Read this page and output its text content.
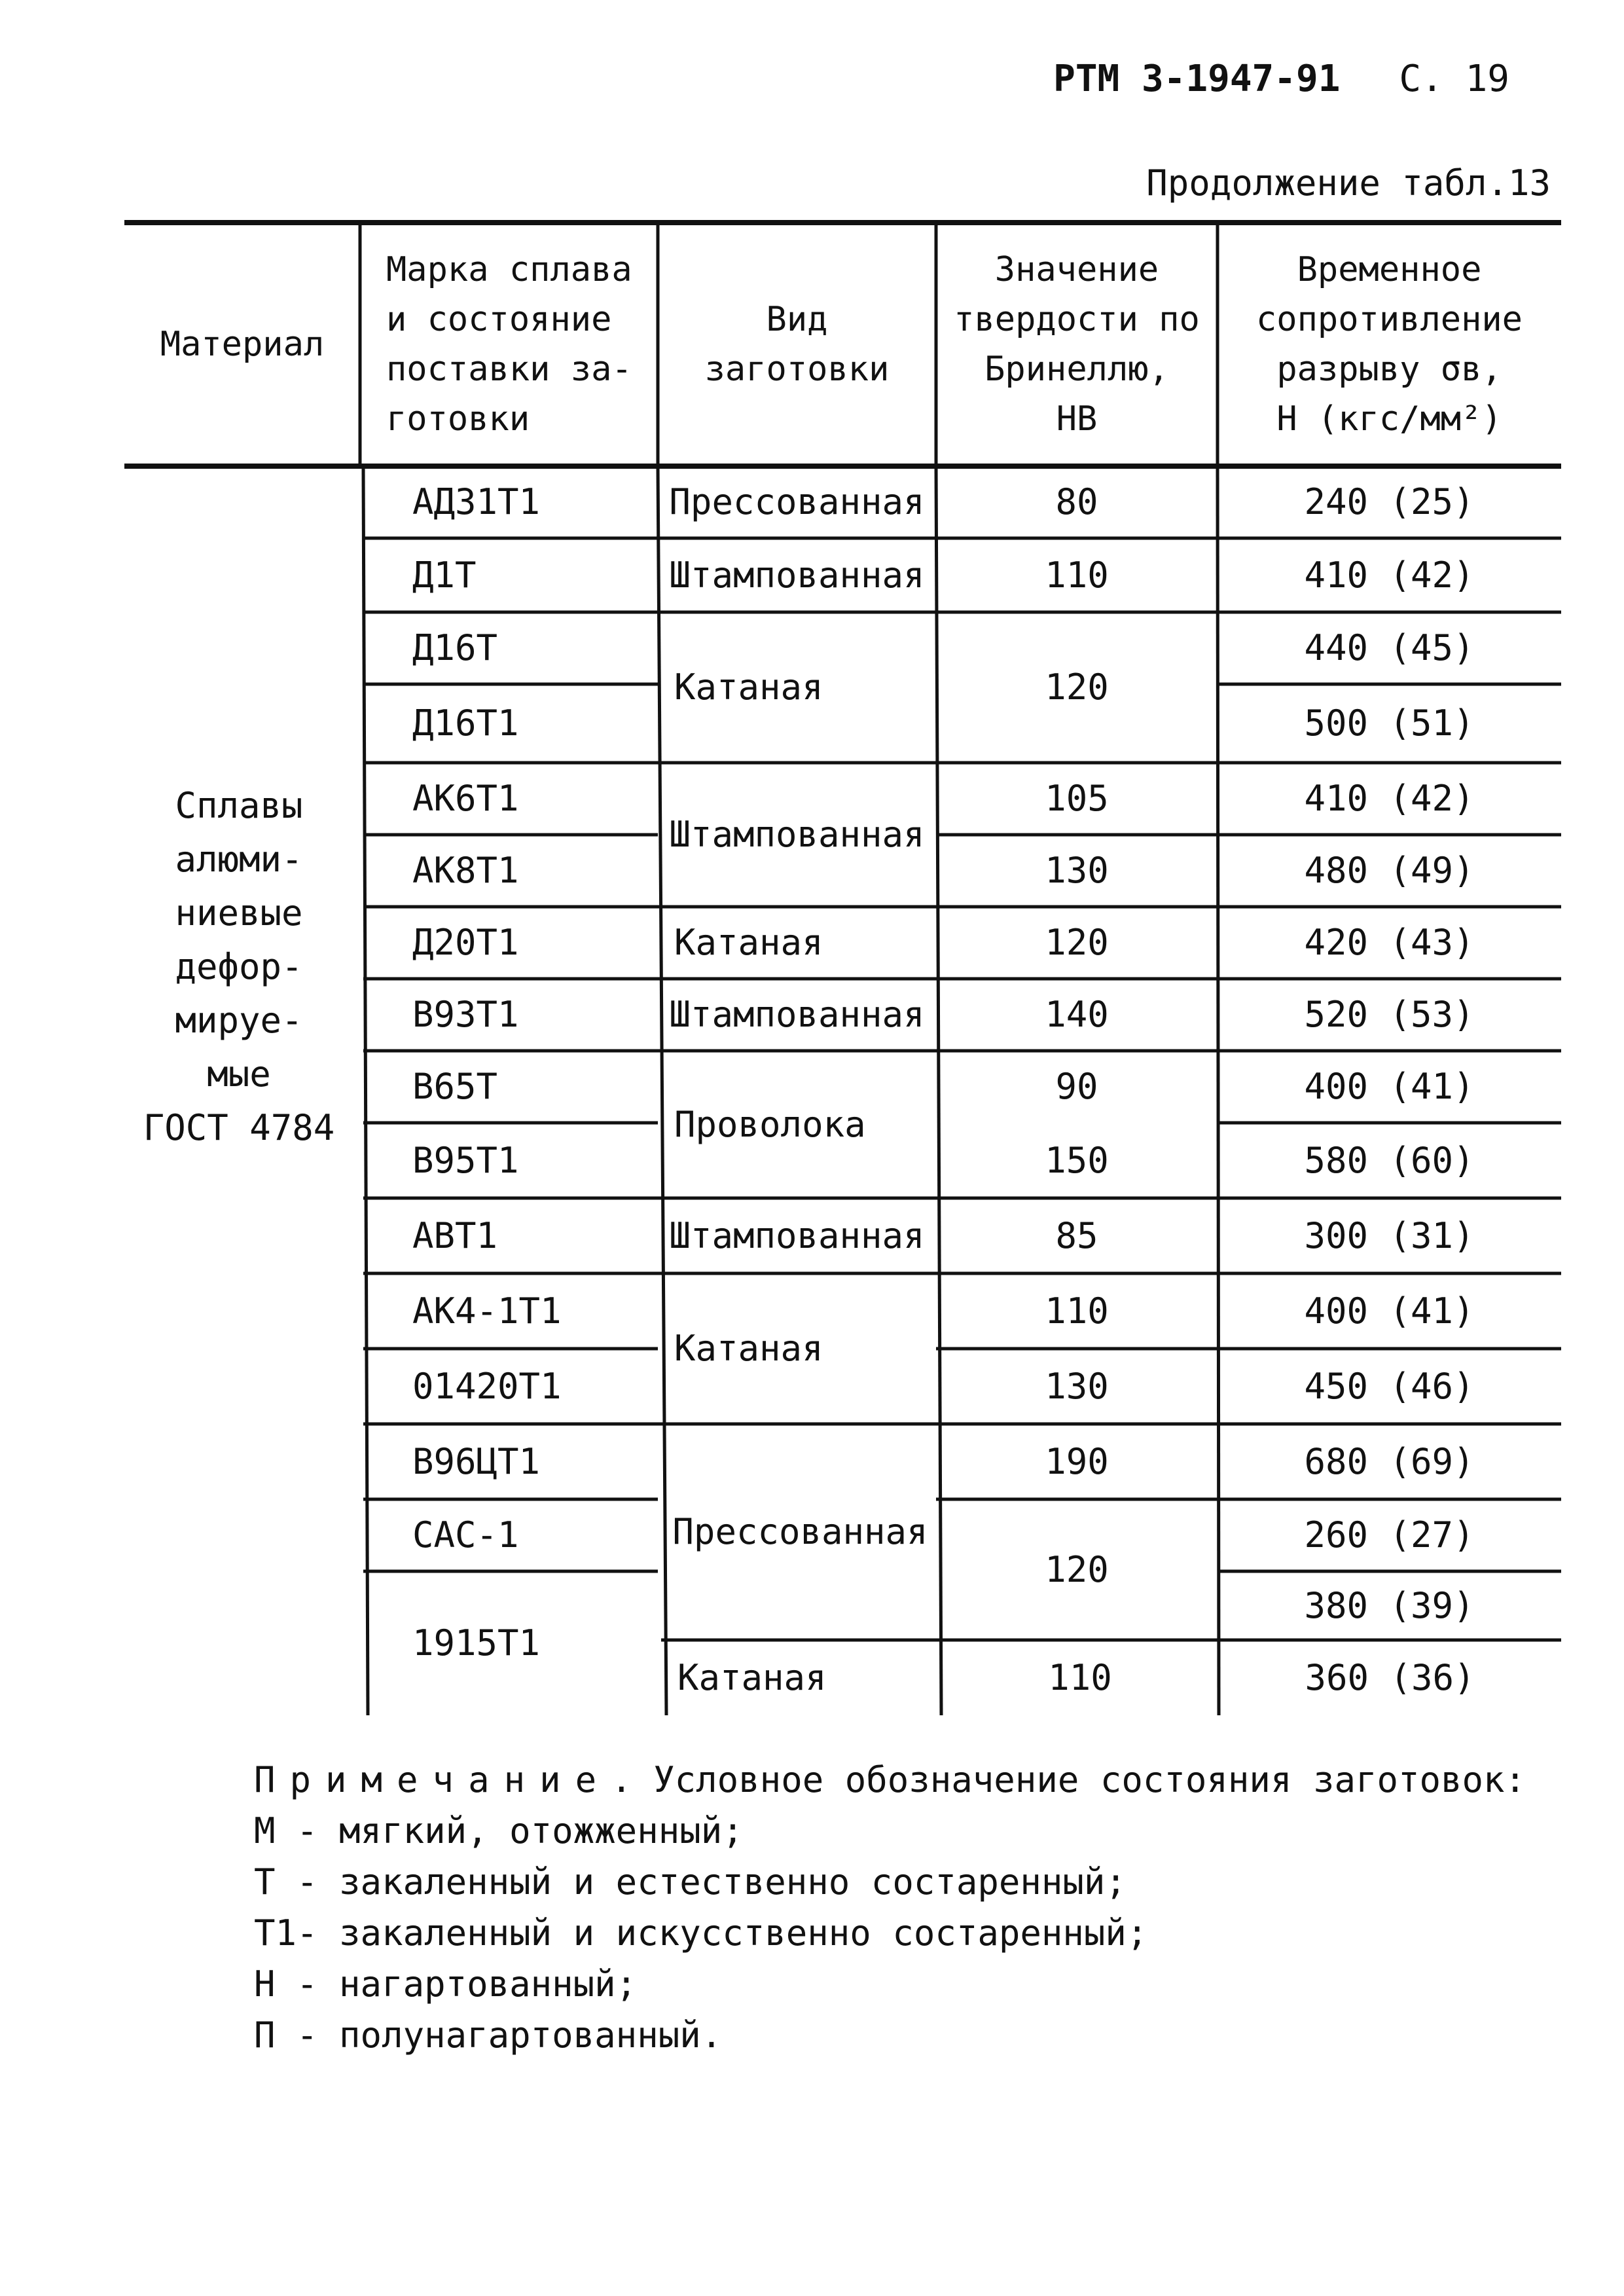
РТМ 3-1947-91 С. 19
Продолжение табл.13
Материал
Марка сплава
и состояние
поставки за-
готовки
Вид
заготовки
Значение
твердости по
Бринеллю,
НВ
Временное
сопротивление
разрыву σв,
Н (кгс/мм²)
Сплавы
алюми-
ниевые
дефор-
мируе-
мые
ГОСТ 4784
АД31Т1
Д1Т
Д16Т
Д16Т1
АК6Т1
АК8Т1
Д20Т1
В93Т1
В65Т
В95Т1
АВТ1
АК4-1Т1
01420Т1
В96ЦТ1
САС-1
1915Т1
Прессованная
Штампованная
Катаная
Штампованная
Катаная
Штампованная
Проволока
Штампованная
Катаная
Прессованная
Катаная
80
110
120
105
130
120
140
90
150
85
110
130
190
120
110
240 (25)
410 (42)
440 (45)
500 (51)
410 (42)
480 (49)
420 (43)
520 (53)
400 (41)
580 (60)
300 (31)
400 (41)
450 (46)
680 (69)
260 (27)
380 (39)
360 (36)
Примечание. Условное обозначение состояния заготовок:
М - мягкий, отожженный;
Т - закаленный и естественно состаренный;
Т1- закаленный и искусственно состаренный;
Н - нагартованный;
П - полунагартованный.
